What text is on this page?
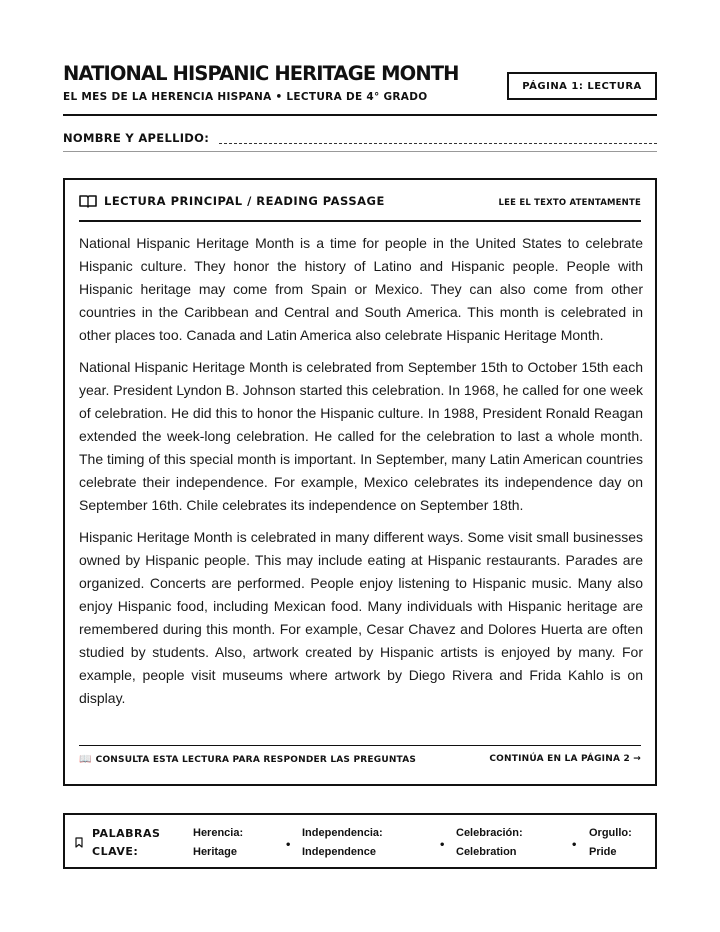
NATIONAL HISPANIC HERITAGE MONTH
EL MES DE LA HERENCIA HISPANA • LECTURA DE 4° GRADO
PÁGINA 1: LECTURA
NOMBRE Y APELLIDO:
LECTURA PRINCIPAL / READING PASSAGE	LEE EL TEXTO ATENTAMENTE

National Hispanic Heritage Month is a time for people in the United States to celebrate Hispanic culture. They honor the history of Latino and Hispanic people. People with Hispanic heritage may come from Spain or Mexico. They can also come from other countries in the Caribbean and Central and South America. This month is celebrated in other places too. Canada and Latin America also celebrate Hispanic Heritage Month.

National Hispanic Heritage Month is celebrated from September 15th to October 15th each year. President Lyndon B. Johnson started this celebration. In 1968, he called for one week of celebration. He did this to honor the Hispanic culture. In 1988, President Ronald Reagan extended the week-long celebration. He called for the celebration to last a whole month. The timing of this special month is important. In September, many Latin American countries celebrate their independence. For example, Mexico celebrates its independence day on September 16th. Chile celebrates its independence on September 18th.

Hispanic Heritage Month is celebrated in many different ways. Some visit small businesses owned by Hispanic people. This may include eating at Hispanic restaurants. Parades are organized. Concerts are performed. People enjoy listening to Hispanic music. Many also enjoy Hispanic food, including Mexican food. Many individuals with Hispanic heritage are remembered during this month. For example, Cesar Chavez and Dolores Huerta are often studied by students. Also, artwork created by Hispanic artists is enjoyed by many. For example, people visit museums where artwork by Diego Rivera and Frida Kahlo is on display.

📖 CONSULTA ESTA LECTURA PARA RESPONDER LAS PREGUNTAS	CONTINÚA EN LA PÁGINA 2 →
PALABRAS
CLAVE:
Herencia:
Heritage
•
Independencia:
Independence
•
Celebración:
Celebration
•
Orgullo:
Pride
